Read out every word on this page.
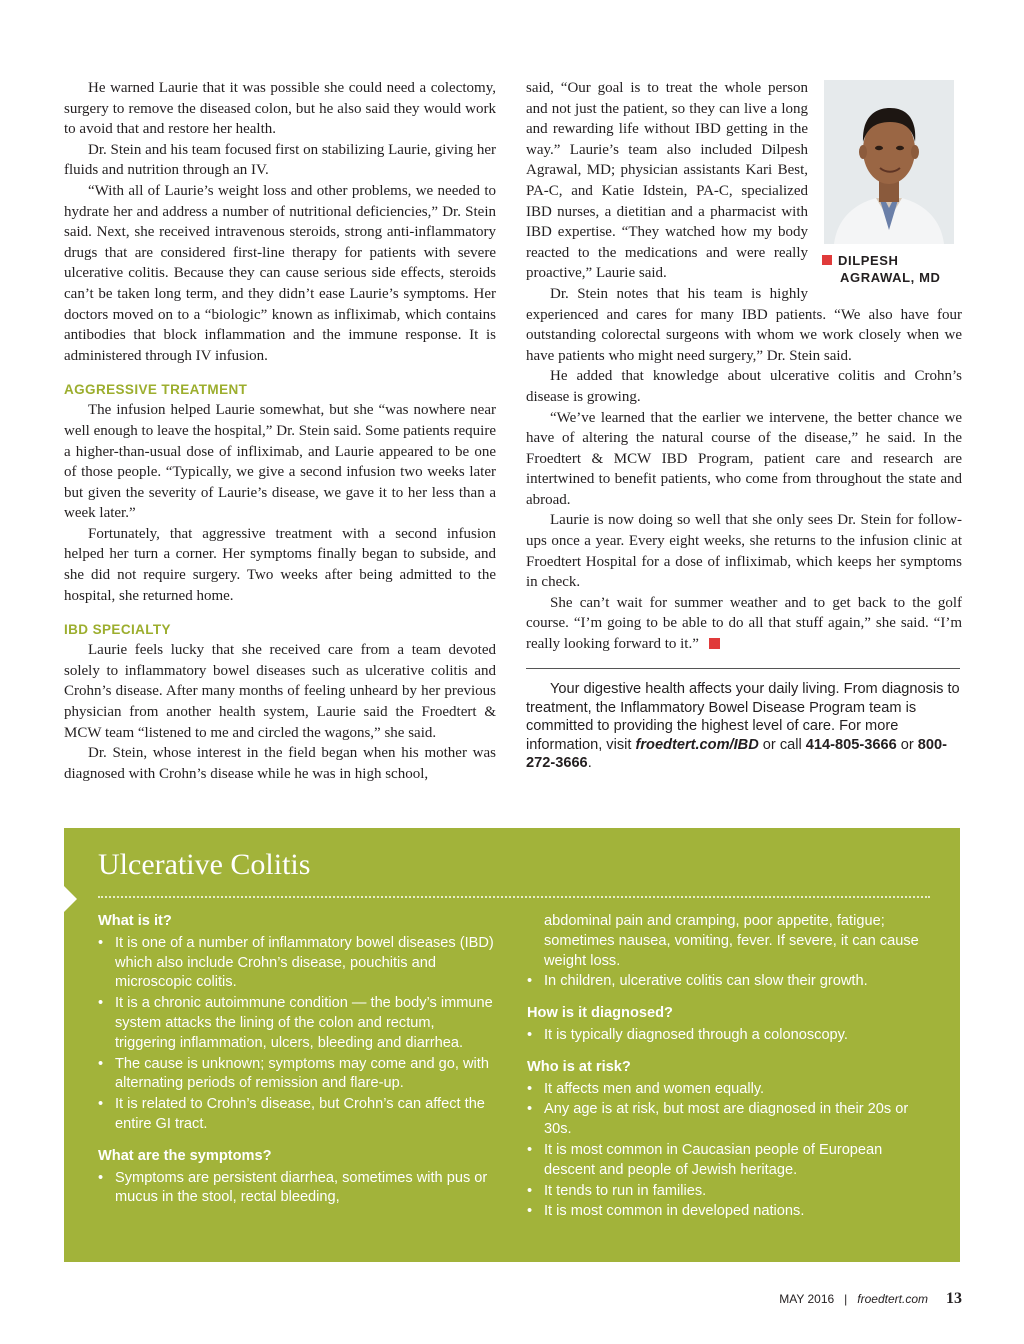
He warned Laurie that it was possible she could need a colectomy, surgery to remove the diseased colon, but he also said they would work to avoid that and restore her health.

Dr. Stein and his team focused first on stabilizing Laurie, giving her fluids and nutrition through an IV.

“With all of Laurie’s weight loss and other problems, we needed to hydrate her and address a number of nutritional deficiencies,” Dr. Stein said. Next, she received intravenous steroids, strong anti-inflammatory drugs that are considered first-line therapy for patients with severe ulcerative colitis. Because they can cause serious side effects, steroids can’t be taken long term, and they didn’t ease Laurie’s symptoms. Her doctors moved on to a “biologic” known as infliximab, which contains antibodies that block inflammation and the immune response. It is administered through IV infusion.

AGGRESSIVE TREATMENT

The infusion helped Laurie somewhat, but she “was nowhere near well enough to leave the hospital,” Dr. Stein said. Some patients require a higher-than-usual dose of infliximab, and Laurie appeared to be one of those people. “Typically, we give a second infusion two weeks later but given the severity of Laurie’s disease, we gave it to her less than a week later.”

Fortunately, that aggressive treatment with a second infusion helped her turn a corner. Her symptoms finally began to subside, and she did not require surgery. Two weeks after being admitted to the hospital, she returned home.

IBD SPECIALTY

Laurie feels lucky that she received care from a team devoted solely to inflammatory bowel diseases such as ulcerative colitis and Crohn’s disease. After many months of feeling unheard by her previous physician from another health system, Laurie said the Froedtert & MCW team “listened to me and circled the wagons,” she said.

Dr. Stein, whose interest in the field began when his mother was diagnosed with Crohn’s disease while he was in high school,

DILPESH
AGRAWAL, MD

said, “Our goal is to treat the whole person and not just the patient, so they can live a long and rewarding life without IBD getting in the way.” Laurie’s team also included Dilpesh Agrawal, MD; physician assistants Kari Best, PA-C, and Katie Idstein, PA-C, specialized IBD nurses, a dietitian and a pharmacist with IBD expertise. “They watched how my body reacted to the medications and were really proactive,” Laurie said.

Dr. Stein notes that his team is highly experienced and cares for many IBD patients. “We also have four outstanding colorectal surgeons with whom we work closely when we have patients who might need surgery,” Dr. Stein said.

He added that knowledge about ulcerative colitis and Crohn’s disease is growing.

“We’ve learned that the earlier we intervene, the better chance we have of altering the natural course of the disease,” he said. In the Froedtert & MCW IBD Program, patient care and research are intertwined to benefit patients, who come from throughout the state and abroad.

Laurie is now doing so well that she only sees Dr. Stein for follow-ups once a year. Every eight weeks, she returns to the infusion clinic at Froedtert Hospital for a dose of infliximab, which keeps her symptoms in check.

She can’t wait for summer weather and to get back to the golf course. “I’m going to be able to do all that stuff again,” she said. “I’m really looking forward to it.”

Your digestive health affects your daily living. From diagnosis to treatment, the Inflammatory Bowel Disease Program team is committed to providing the highest level of care. For more information, visit froedtert.com/IBD or call 414-805-3666 or 800-272-3666.
Ulcerative Colitis
What is it?
• It is one of a number of inflammatory bowel diseases (IBD) which also include Crohn’s disease, pouchitis and microscopic colitis.
• It is a chronic autoimmune condition — the body’s immune system attacks the lining of the colon and rectum, triggering inflammation, ulcers, bleeding and diarrhea.
• The cause is unknown; symptoms may come and go, with alternating periods of remission and flare-up.
• It is related to Crohn’s disease, but Crohn’s can affect the entire GI tract.
What are the symptoms?
• Symptoms are persistent diarrhea, sometimes with pus or mucus in the stool, rectal bleeding,
abdominal pain and cramping, poor appetite, fatigue; sometimes nausea, vomiting, fever. If severe, it can cause weight loss.
• In children, ulcerative colitis can slow their growth.
How is it diagnosed?
• It is typically diagnosed through a colonoscopy.
Who is at risk?
• It affects men and women equally.
• Any age is at risk, but most are diagnosed in their 20s or 30s.
• It is most common in Caucasian people of European descent and people of Jewish heritage.
• It tends to run in families.
• It is most common in developed nations.
MAY 2016 | froedtert.com 13
